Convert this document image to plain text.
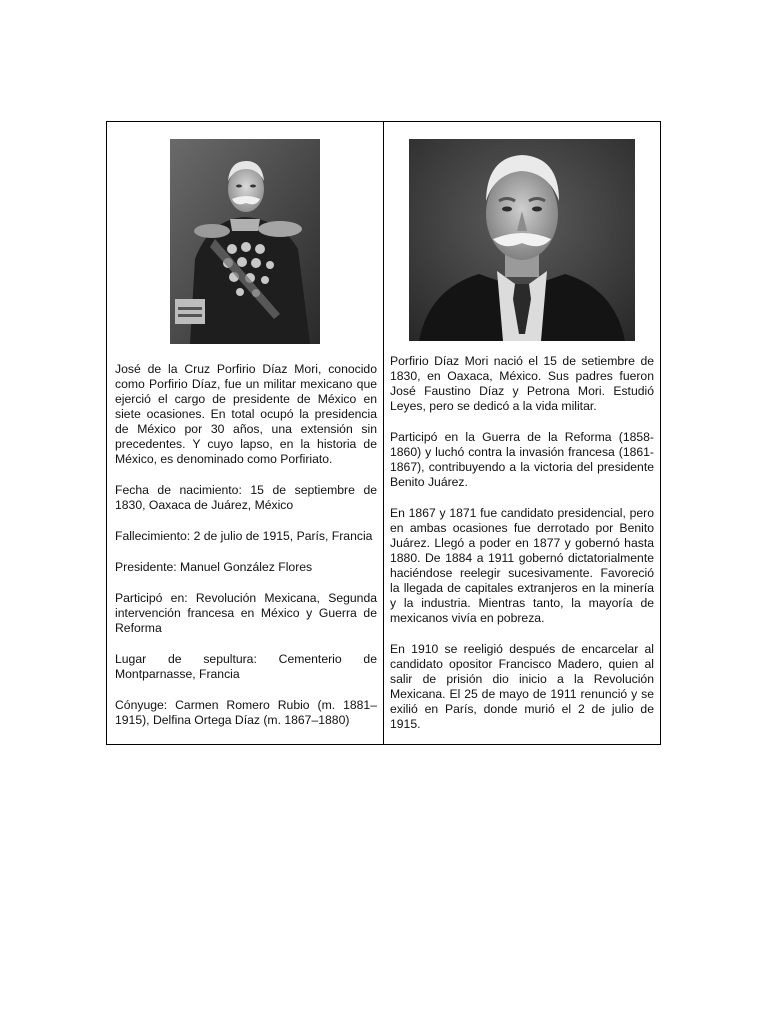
José de la Cruz Porfirio Díaz Mori, conocido como Porfirio Díaz, fue un militar mexicano que ejerció el cargo de presidente de México en siete ocasiones. En total ocupó la presidencia de México por 30 años, una extensión sin precedentes. Y cuyo lapso, en la historia de México, es denominado como Porfiriato.

Fecha de nacimiento: 15 de septiembre de 1830, Oaxaca de Juárez, México

Fallecimiento: 2 de julio de 1915, París, Francia

Presidente: Manuel González Flores

Participó en: Revolución Mexicana, Segunda intervención francesa en México y Guerra de Reforma

Lugar de sepultura: Cementerio de Montparnasse, Francia

Cónyuge: Carmen Romero Rubio (m. 1881–1915), Delfina Ortega Díaz (m. 1867–1880)

Porfirio Díaz Mori nació el 15 de setiembre de 1830, en Oaxaca, México. Sus padres fueron José Faustino Díaz y Petrona Mori. Estudió Leyes, pero se dedicó a la vida militar.

Participó en la Guerra de la Reforma (1858-1860) y luchó contra la invasión francesa (1861-1867), contribuyendo a la victoria del presidente Benito Juárez.

En 1867 y 1871 fue candidato presidencial, pero en ambas ocasiones fue derrotado por Benito Juárez. Llegó a poder en 1877 y gobernó hasta 1880. De 1884 a 1911 gobernó dictatorialmente haciéndose reelegir sucesivamente. Favoreció la llegada de capitales extranjeros en la minería y la industria. Mientras tanto, la mayoría de mexicanos vivía en pobreza.

En 1910 se reeligió después de encarcelar al candidato opositor Francisco Madero, quien al salir de prisión dio inicio a la Revolución Mexicana. El 25 de mayo de 1911 renunció y se exilió en París, donde murió el 2 de julio de 1915.
